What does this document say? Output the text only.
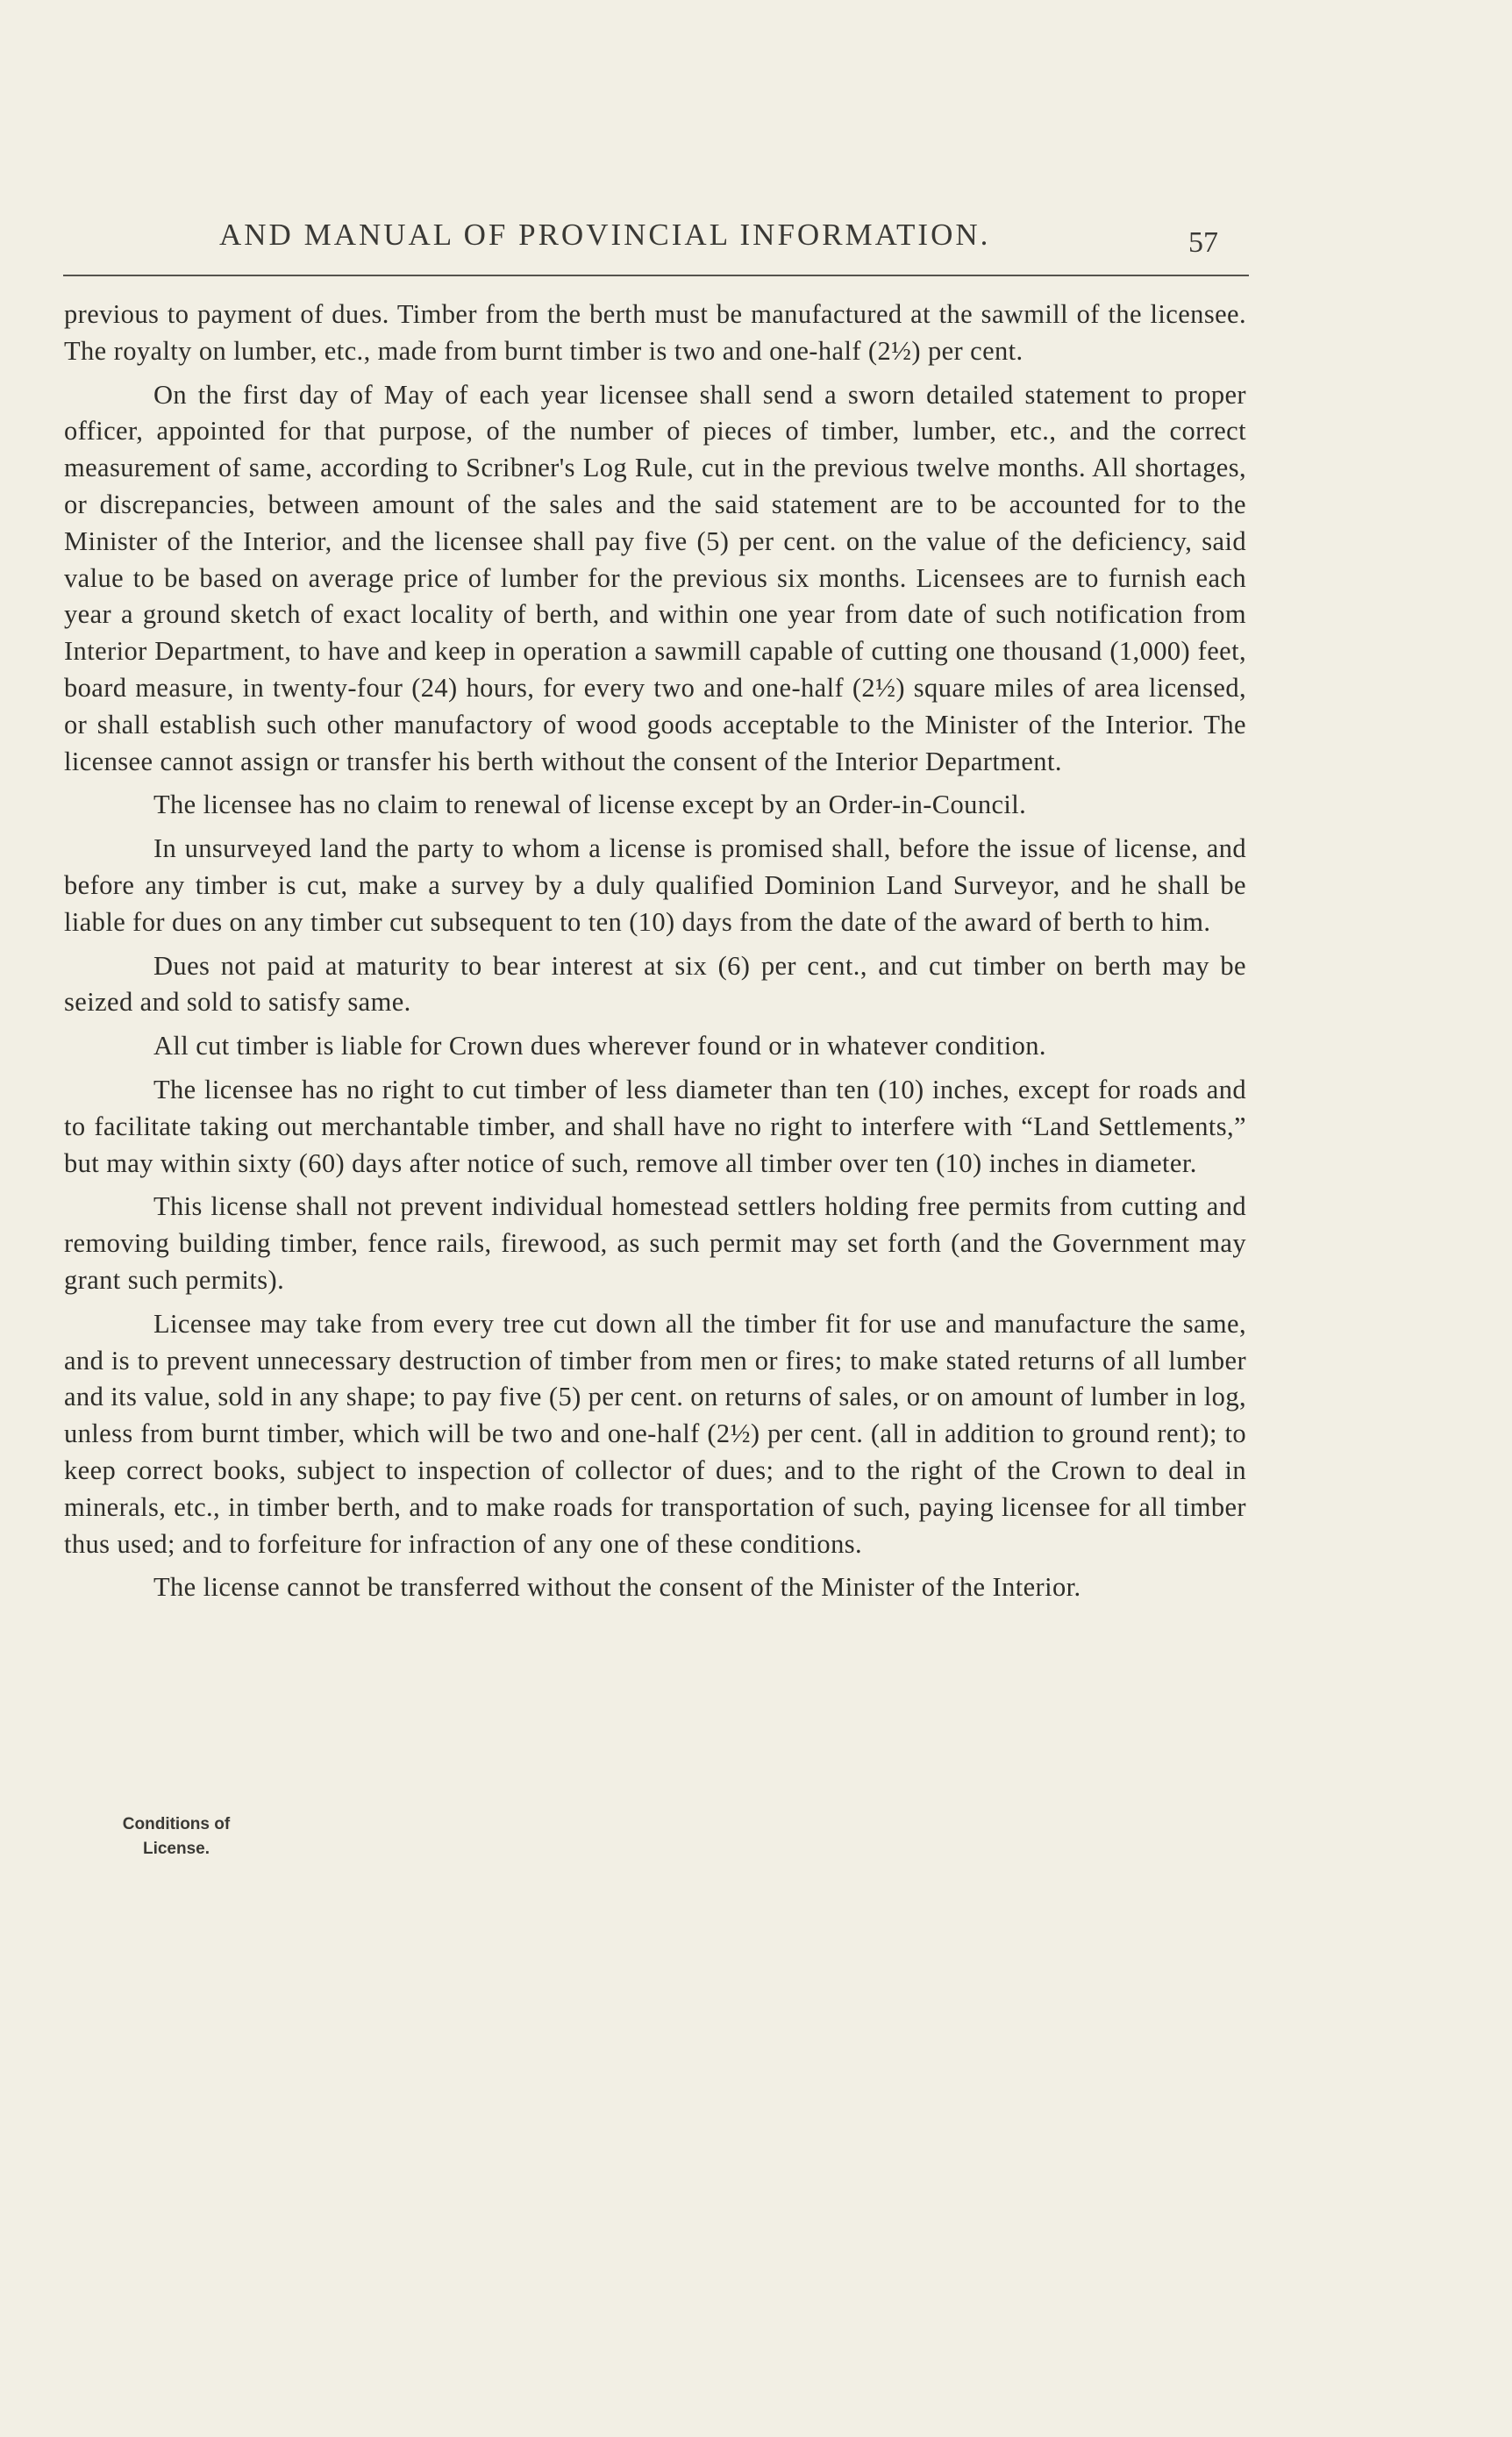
AND MANUAL OF PROVINCIAL INFORMATION.	57

previous to payment of dues. Timber from the berth must be manufactured at the sawmill of the licensee. The royalty on lumber, etc., made from burnt timber is two and one-half (2½) per cent.

On the first day of May of each year licensee shall send a sworn detailed statement to proper officer, appointed for that purpose, of the number of pieces of timber, lumber, etc., and the correct measurement of same, according to Scribner's Log Rule, cut in the previous twelve months. All shortages, or discrepancies, between amount of the sales and the said statement are to be accounted for to the Minister of the Interior, and the licensee shall pay five (5) per cent. on the value of the deficiency, said value to be based on average price of lumber for the previous six months. Licensees are to furnish each year a ground sketch of exact locality of berth, and within one year from date of such notification from Interior Department, to have and keep in operation a sawmill capable of cutting one thousand (1,000) feet, board measure, in twenty-four (24) hours, for every two and one-half (2½) square miles of area licensed, or shall establish such other manufactory of wood goods acceptable to the Minister of the Interior. The licensee cannot assign or transfer his berth without the consent of the Interior Department.

The licensee has no claim to renewal of license except by an Order-in-Council.

In unsurveyed land the party to whom a license is promised shall, before the issue of license, and before any timber is cut, make a survey by a duly qualified Dominion Land Surveyor, and he shall be liable for dues on any timber cut subsequent to ten (10) days from the date of the award of berth to him.

Dues not paid at maturity to bear interest at six (6) per cent., and cut timber on berth may be seized and sold to satisfy same.

All cut timber is liable for Crown dues wherever found or in whatever condition.

The licensee has no right to cut timber of less diameter than ten (10) inches, except for roads and to facilitate taking out merchantable timber, and shall have no right to interfere with “Land Settlements,” but may within sixty (60) days after notice of such, remove all timber over ten (10) inches in diameter.

This license shall not prevent individual homestead settlers holding free permits from cutting and removing building timber, fence rails, firewood, as such permit may set forth (and the Government may grant such permits).

Licensee may take from every tree cut down all the timber fit for use and manufacture the same, and is to prevent unnecessary destruction of timber from men or fires; to make stated returns of all lumber and its value, sold in any shape; to pay five (5) per cent. on returns of sales, or on amount of lumber in log, unless from burnt timber, which will be two and one-half (2½) per cent. (all in addition to ground rent); to keep correct books, subject to inspection of collector of dues; and to the right of the Crown to deal in minerals, etc., in timber berth, and to make roads for transportation of such, paying licensee for all timber thus used; and to forfeiture for infraction of any one of these conditions.

The license cannot be transferred without the consent of the Minister of the Interior.

Conditions of
License.
